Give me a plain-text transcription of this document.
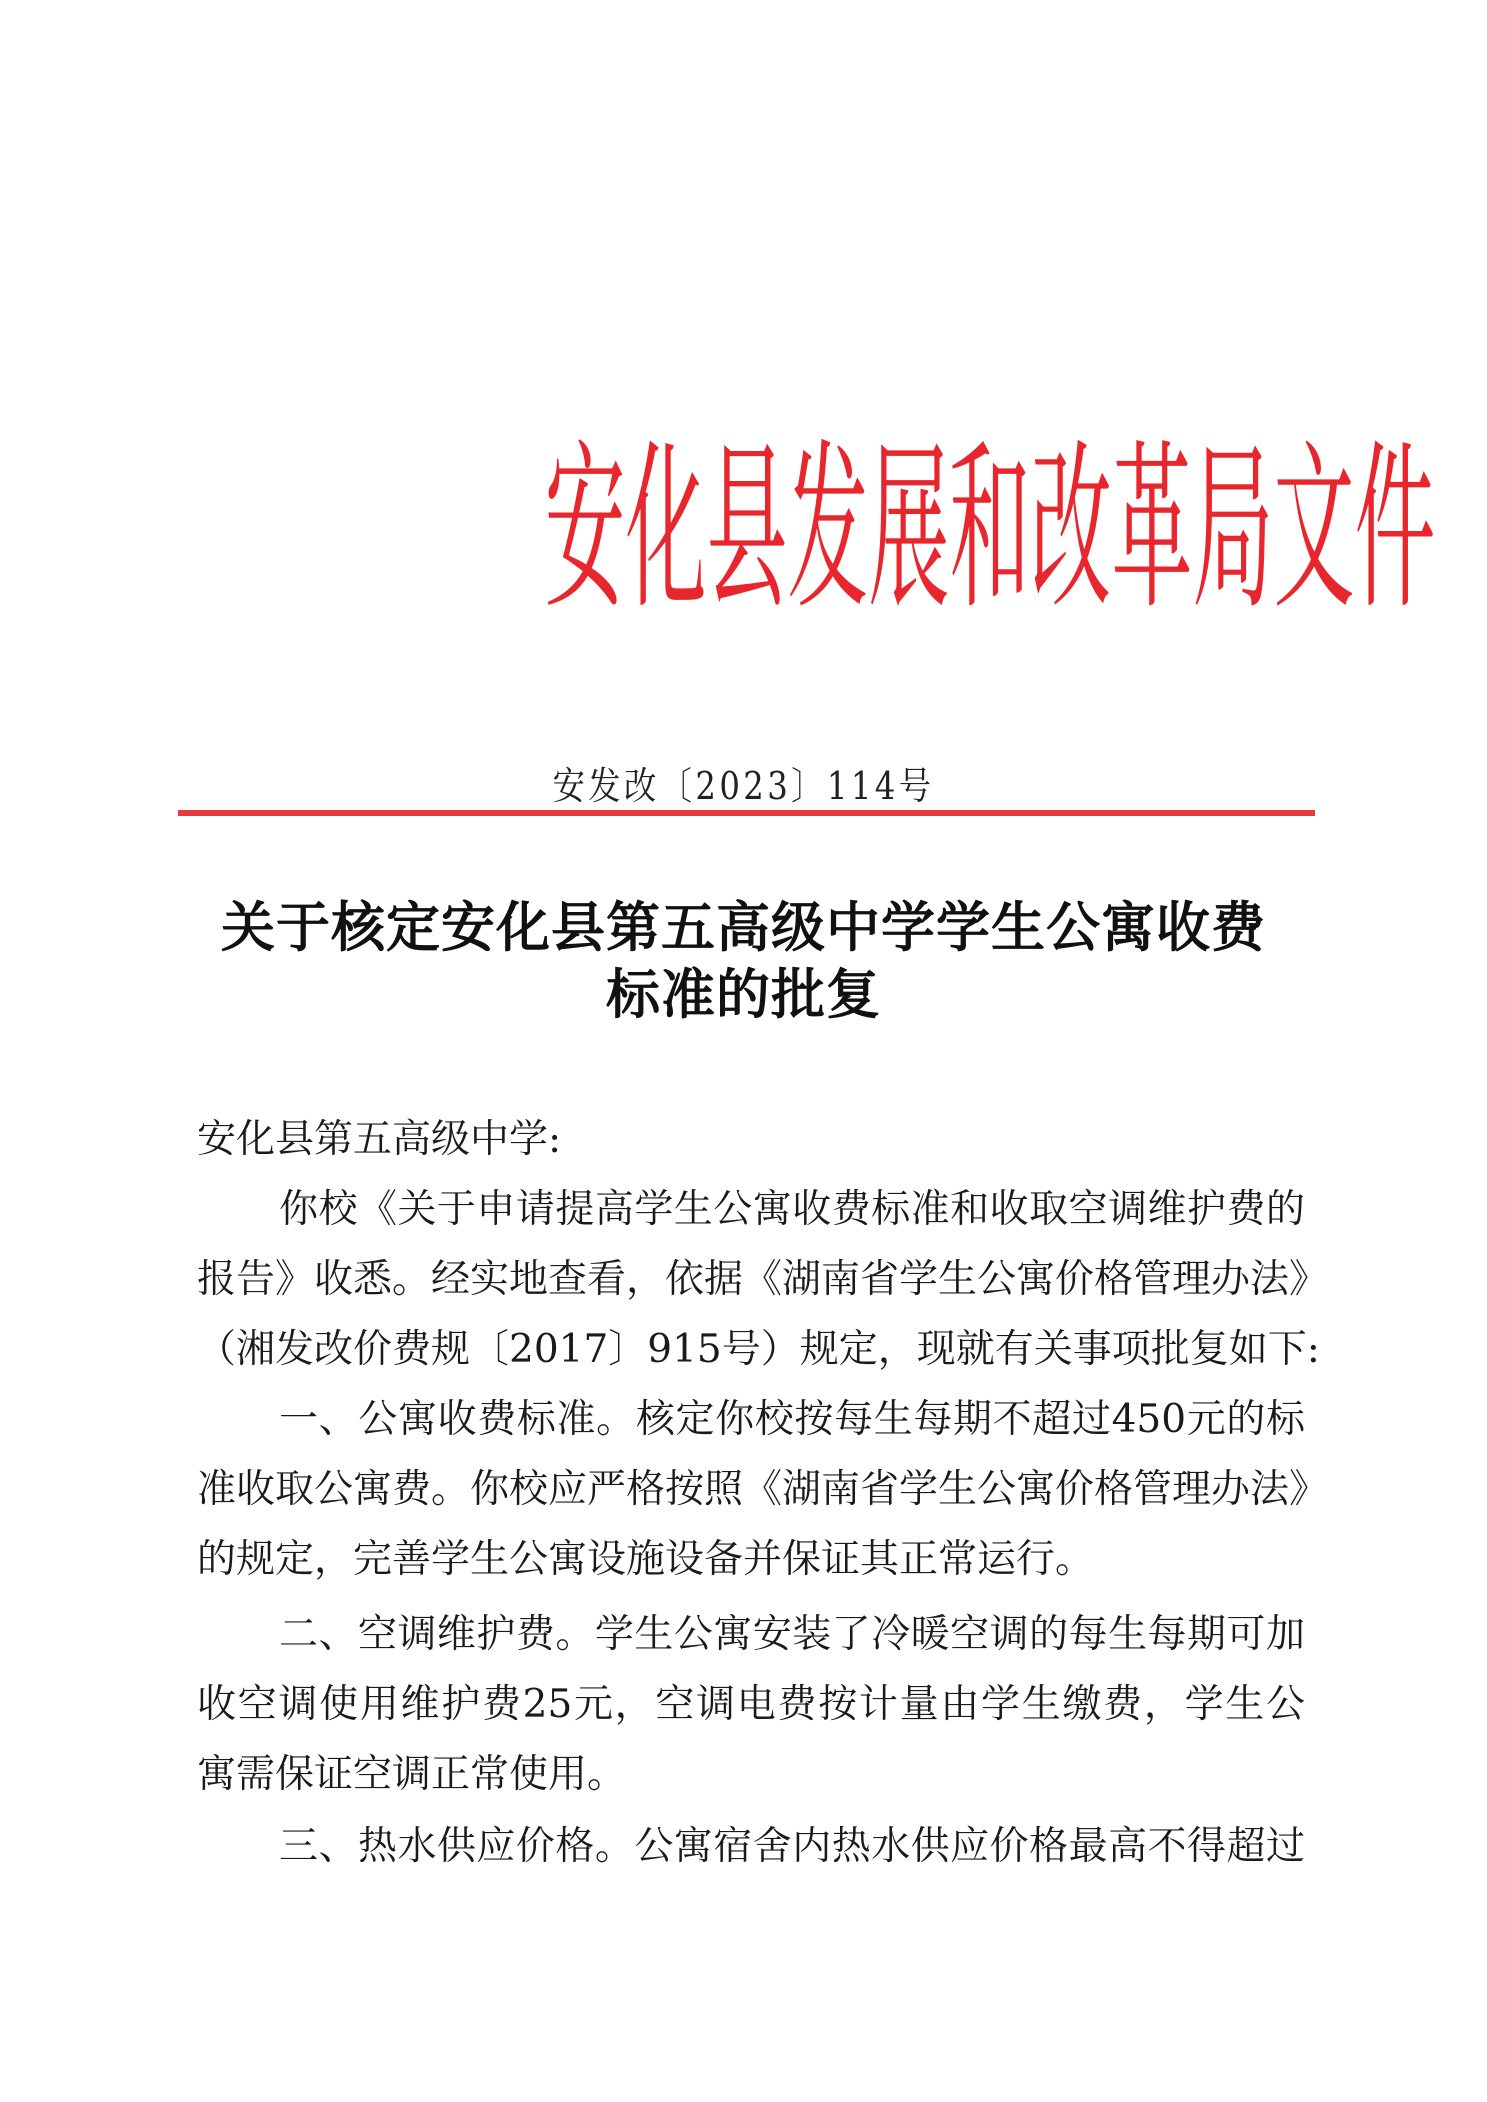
安化县发展和改革局文件
安发改〔2023〕114号
关于核定安化县第五高级中学学生公寓收费
标准的批复
安化县第五高级中学:
你校《关于申请提高学生公寓收费标准和收取空调维护费的
报告》收悉。经实地查看，依据《湖南省学生公寓价格管理办法》
（湘发改价费规〔2017〕915号）规定，现就有关事项批复如下:
一、公寓收费标准。核定你校按每生每期不超过450元的标
准收取公寓费。你校应严格按照《湖南省学生公寓价格管理办法》
的规定，完善学生公寓设施设备并保证其正常运行。
二、空调维护费。学生公寓安装了冷暖空调的每生每期可加
收空调使用维护费25元，空调电费按计量由学生缴费，学生公
寓需保证空调正常使用。
三、热水供应价格。公寓宿舍内热水供应价格最高不得超过
